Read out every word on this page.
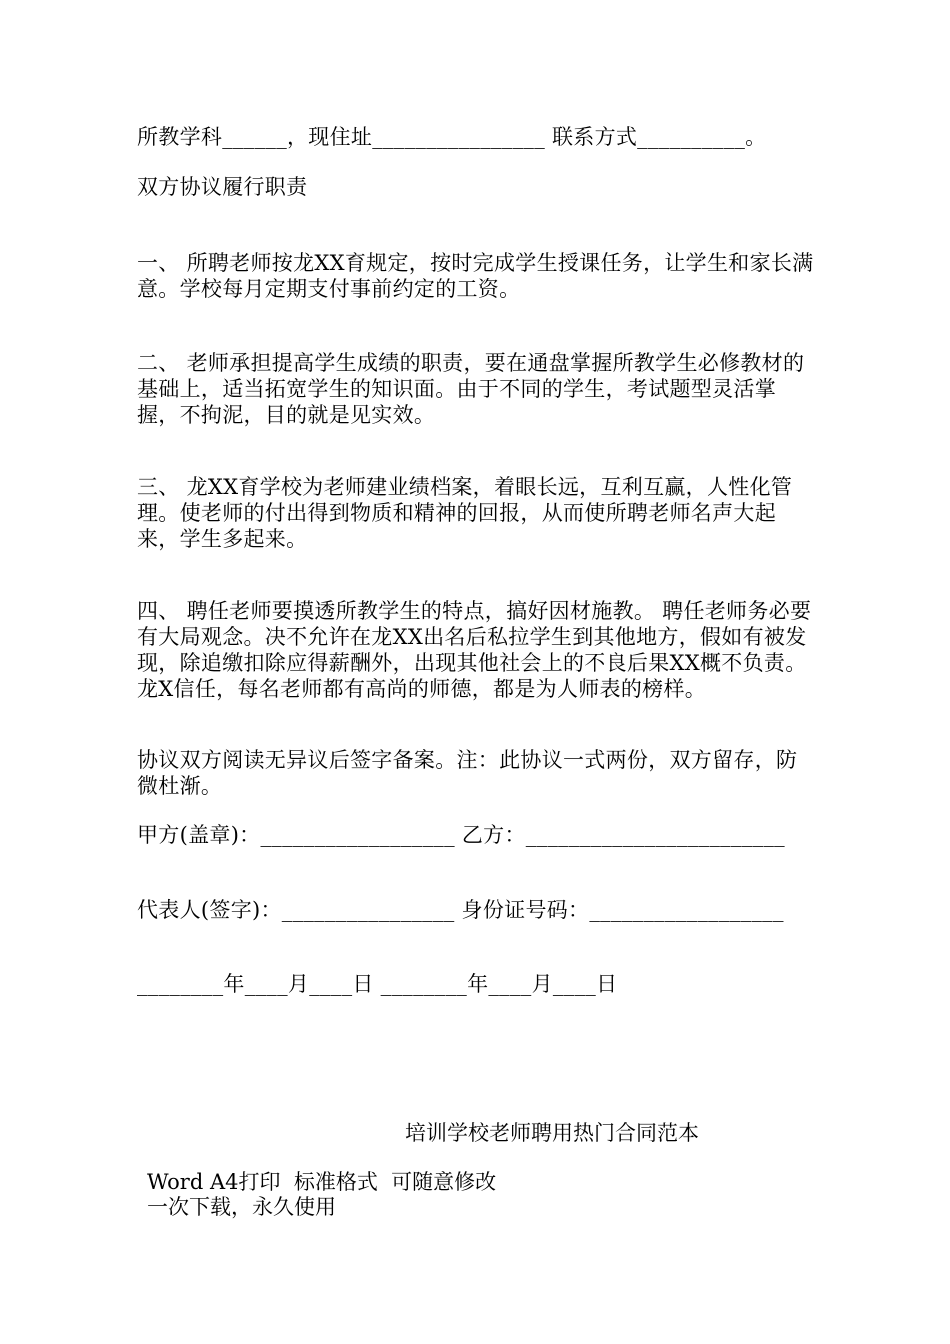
所教学科______，现住址________________ 联系方式__________。

双方协议履行职责

一、 所聘老师按龙XX育规定，按时完成学生授课任务，让学生和家长满意。学校每月定期支付事前约定的工资。

二、 老师承担提高学生成绩的职责，要在通盘掌握所教学生必修教材的基础上，适当拓宽学生的知识面。由于不同的学生，考试题型灵活掌握，不拘泥，目的就是见实效。

三、 龙XX育学校为老师建业绩档案，着眼长远，互利互赢，人性化管理。使老师的付出得到物质和精神的回报，从而使所聘老师名声大起来，学生多起来。

四、 聘任老师要摸透所教学生的特点，搞好因材施教。 聘任老师务必要有大局观念。决不允许在龙XX出名后私拉学生到其他地方，假如有被发现，除追缴扣除应得薪酬外，出现其他社会上的不良后果XX概不负责。龙X信任，每名老师都有高尚的师德，都是为人师表的榜样。

协议双方阅读无异议后签字备案。注：此协议一式两份，双方留存，防微杜渐。

甲方(盖章)：__________________ 乙方：________________________

代表人(签字)：________________ 身份证号码：__________________

________年____月____日 ________年____月____日

培训学校老师聘用热门合同范本

Word A4打印  标准格式  可随意修改

一次下载，永久使用
